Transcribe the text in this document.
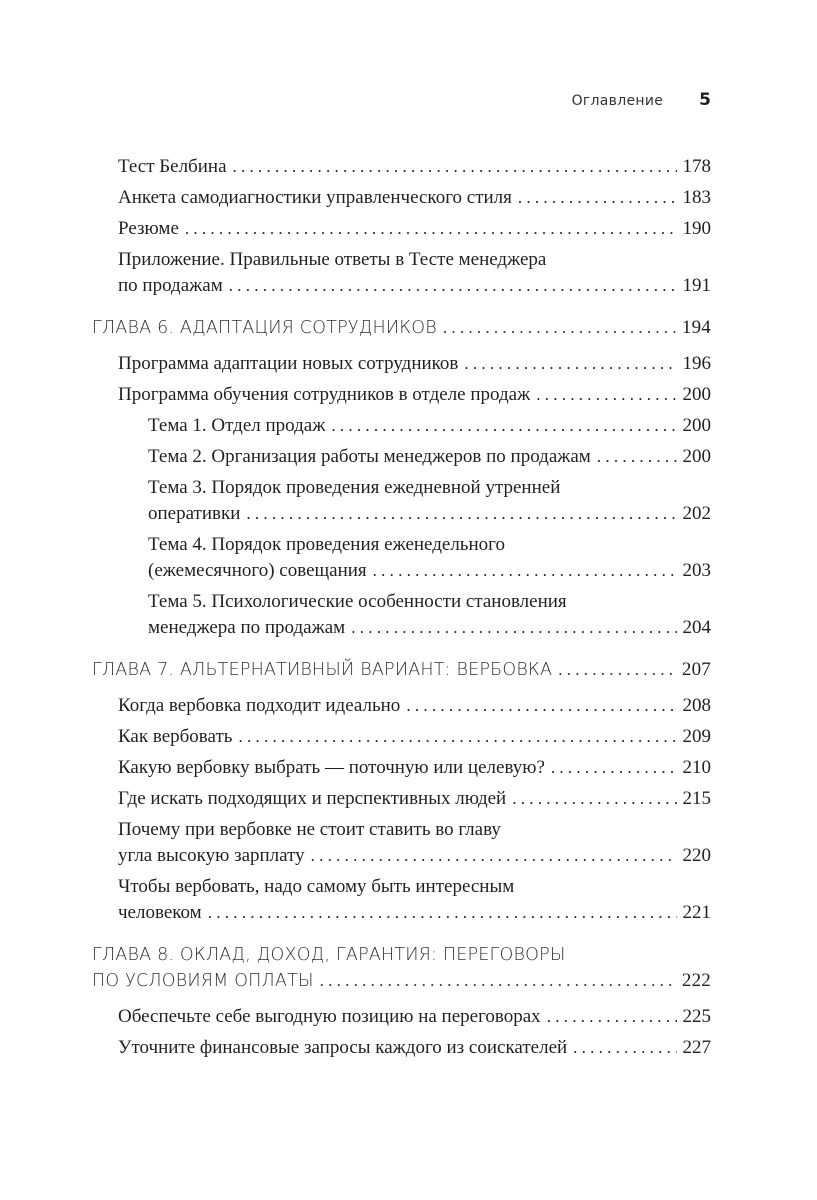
Оглавление 5
Тест Белбина . . .	178
Анкета самодиагностики управленческого стиля . . .	183
Резюме . . .	190
Приложение. Правильные ответы в Тесте менеджера
по продажам . . .	191
ГЛАВА 6. АДАПТАЦИЯ СОТРУДНИКОВ . . .	194
Программа адаптации новых сотрудников . . .	196
Программа обучения сотрудников в отделе продаж . . .	200
Тема 1. Отдел продаж . . .	200
Тема 2. Организация работы менеджеров по продажам . . .	200
Тема 3. Порядок проведения ежедневной утренней
оперативки . . .	202
Тема 4. Порядок проведения еженедельного
(ежемесячного) совещания . . .	203
Тема 5. Психологические особенности становления
менеджера по продажам . . .	204
ГЛАВА 7. АЛЬТЕРНАТИВНЫЙ ВАРИАНТ: ВЕРБОВКА . . .	207
Когда вербовка подходит идеально . . .	208
Как вербовать . . .	209
Какую вербовку выбрать — поточную или целевую? . . .	210
Где искать подходящих и перспективных людей . . .	215
Почему при вербовке не стоит ставить во главу
угла высокую зарплату . . .	220
Чтобы вербовать, надо самому быть интересным
человеком . . .	221
ГЛАВА 8. ОКЛАД, ДОХОД, ГАРАНТИЯ: ПЕРЕГОВОРЫ
ПО УСЛОВИЯМ ОПЛАТЫ . . .	222
Обеспечьте себе выгодную позицию на переговорах . . .	225
Уточните финансовые запросы каждого из соискателей . . .	227
